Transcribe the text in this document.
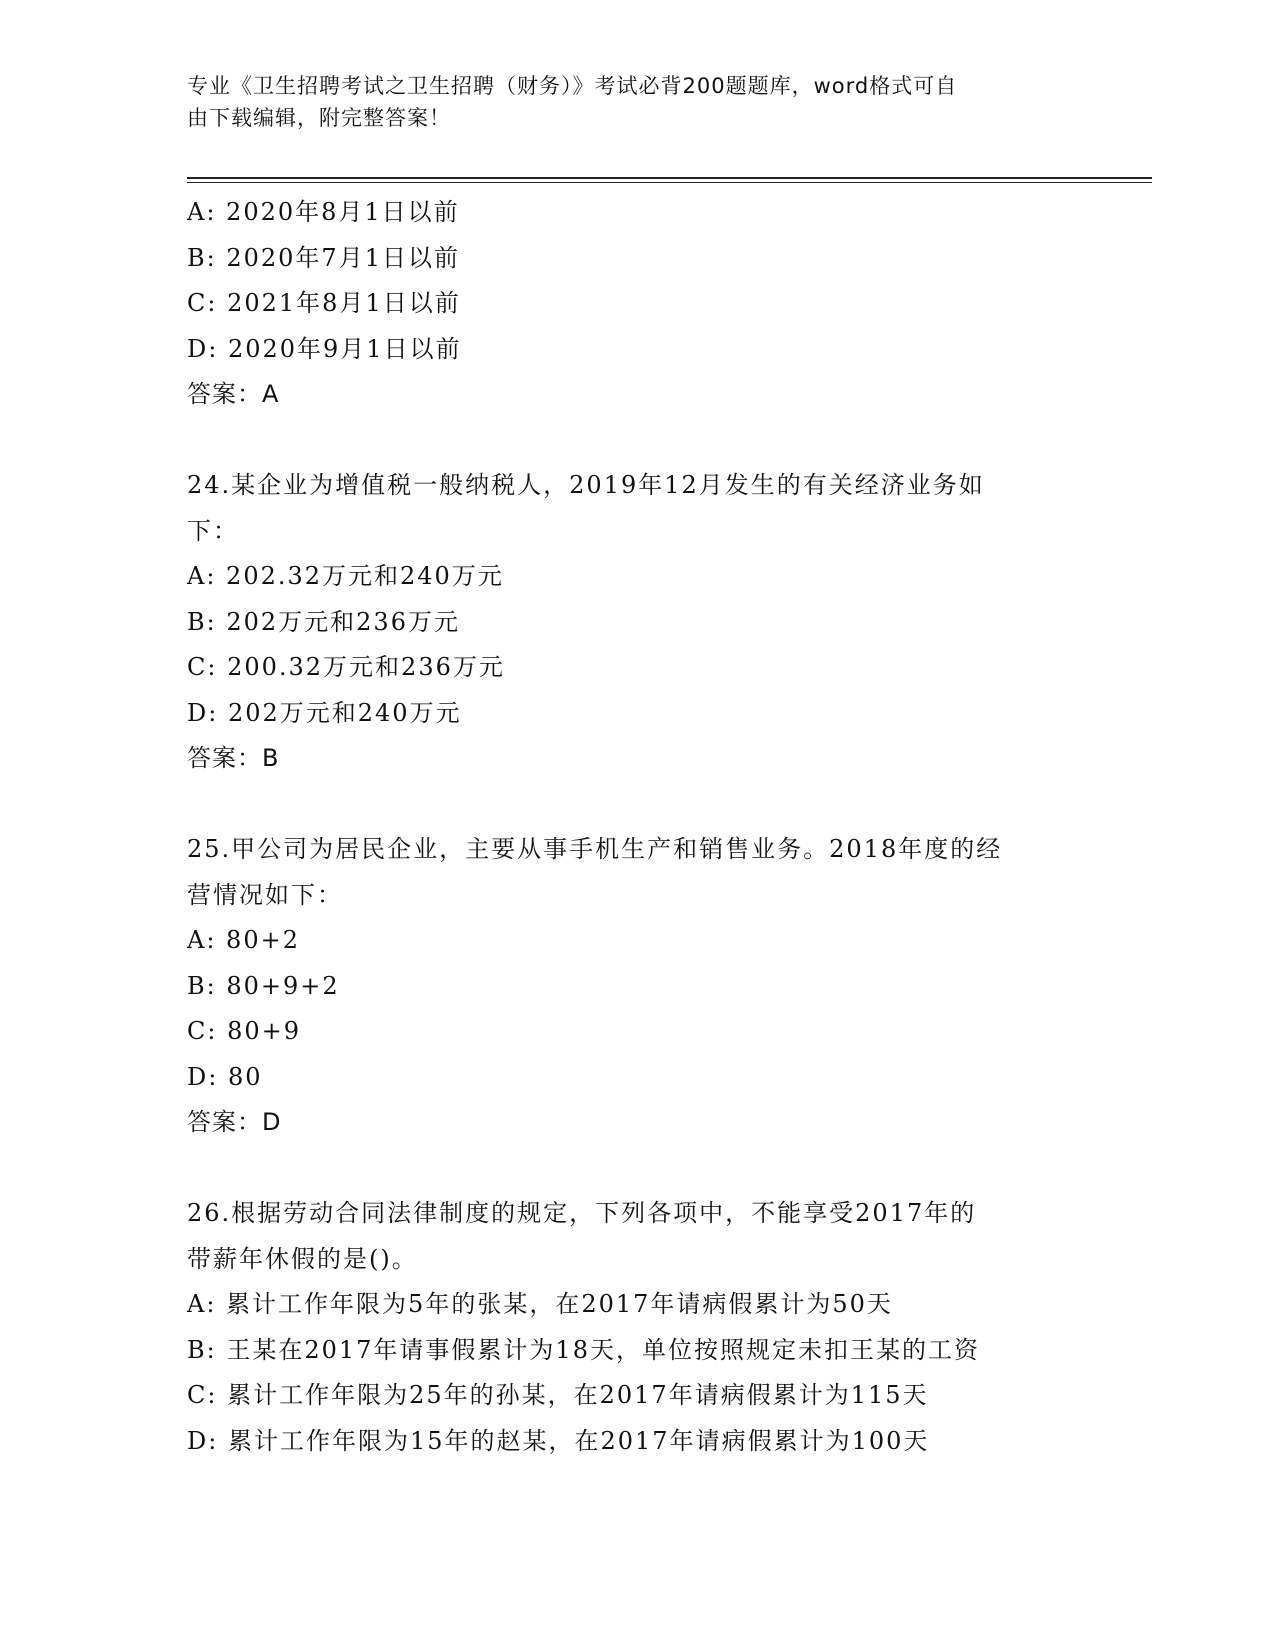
专业《卫生招聘考试之卫生招聘（财务）》考试必背200题题库，word格式可自
由下载编辑，附完整答案！
A: 2020年8月1日以前
B: 2020年7月1日以前
C: 2021年8月1日以前
D: 2020年9月1日以前
答案：A
24.某企业为增值税一般纳税人，2019年12月发生的有关经济业务如
下：
A: 202.32万元和240万元
B: 202万元和236万元
C: 200.32万元和236万元
D: 202万元和240万元
答案：B
25.甲公司为居民企业，主要从事手机生产和销售业务。2018年度的经
营情况如下：
A: 80+2
B: 80+9+2
C: 80+9
D: 80
答案：D
26.根据劳动合同法律制度的规定，下列各项中，不能享受2017年的
带薪年休假的是()。
A: 累计工作年限为5年的张某，在2017年请病假累计为50天
B: 王某在2017年请事假累计为18天，单位按照规定未扣王某的工资
C: 累计工作年限为25年的孙某，在2017年请病假累计为115天
D: 累计工作年限为15年的赵某，在2017年请病假累计为100天
